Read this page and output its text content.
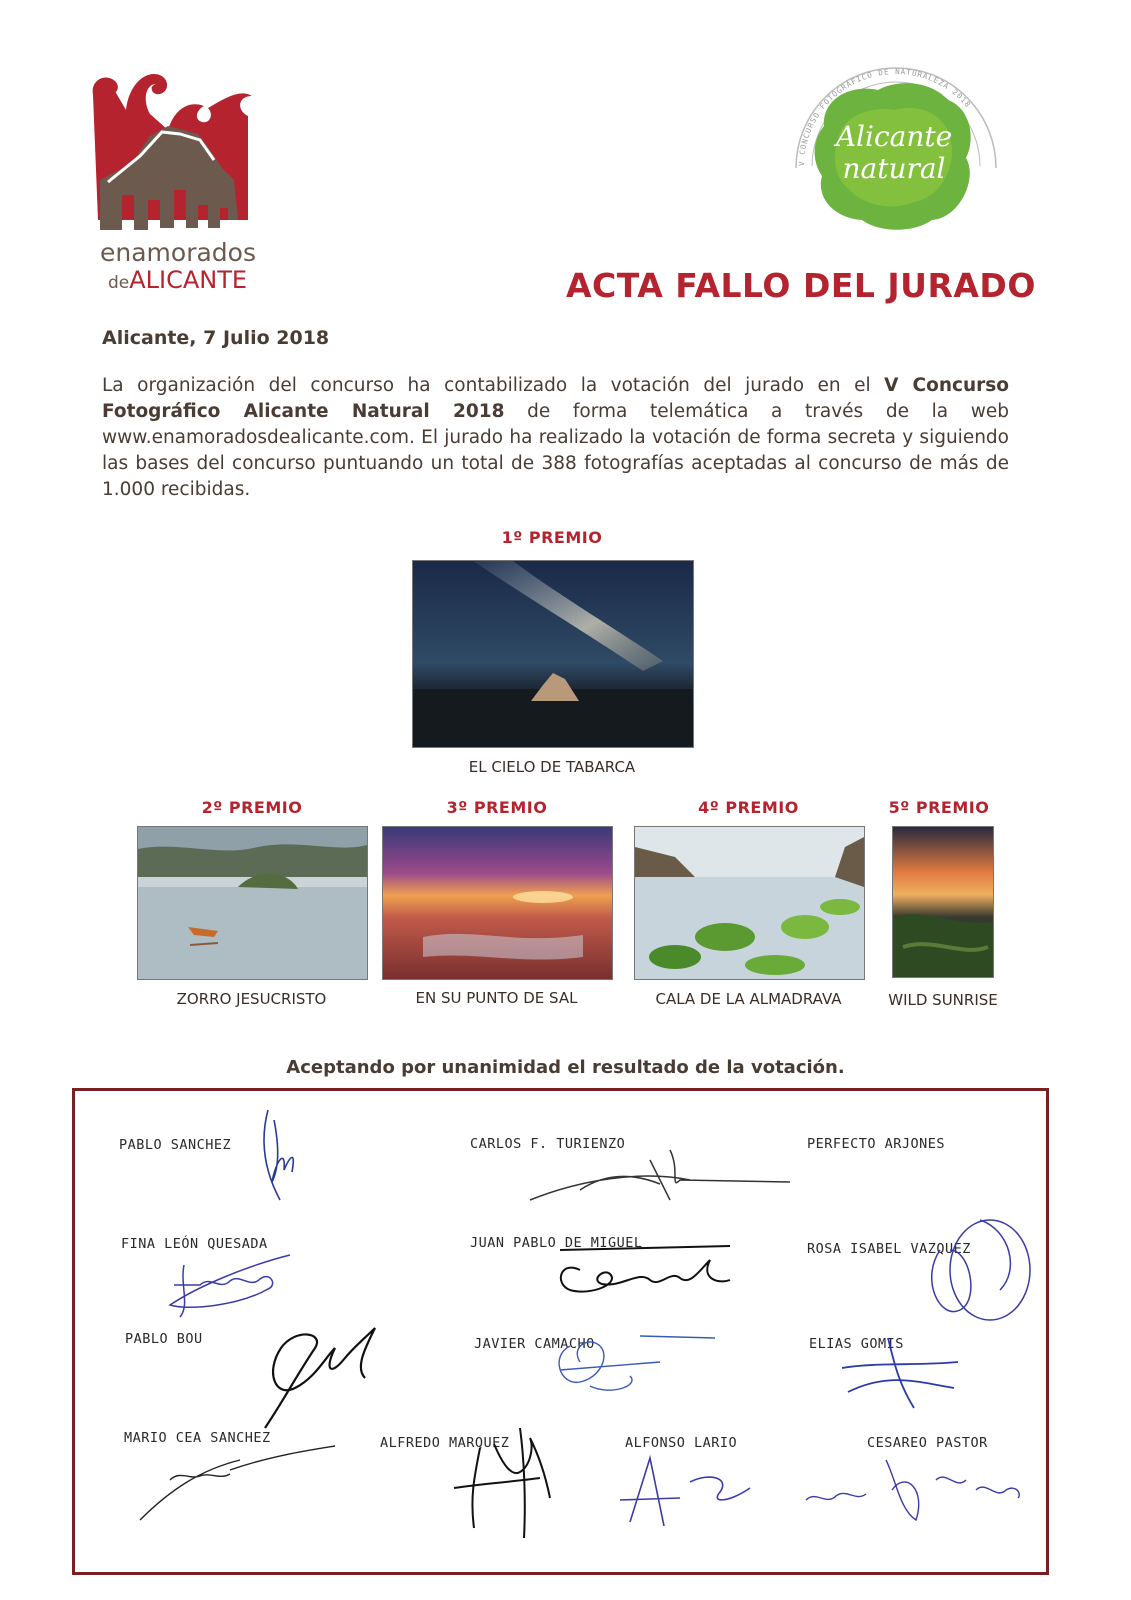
enamorados
deALICANTE
V CONCURSO FOTOGRÁFICO DE NATURALEZA 2018
Alicante
natural
ACTA FALLO DEL JURADO
Alicante, 7 Julio 2018
La organización del concurso ha contabilizado la votación del jurado en el V Concurso Fotográfico Alicante Natural 2018 de forma telemática a través de la web www.enamoradosdealicante.com. El jurado ha realizado la votación de forma secreta y siguiendo las bases del concurso puntuando un total de 388 fotografías aceptadas al concurso de más de 1.000 recibidas.
1º PREMIO
EL CIELO DE TABARCA
2º PREMIO
ZORRO JESUCRISTO
3º PREMIO
EN SU PUNTO DE SAL
4º PREMIO
CALA DE LA ALMADRAVA
5º PREMIO
WILD SUNRISE
Aceptando por unanimidad el resultado de la votación.
PABLO SANCHEZ	CARLOS F. TURIENZO	PERFECTO ARJONES
FINA LEÓN QUESADA	JUAN PABLO DE MIGUEL	ROSA ISABEL VAZQUEZ
PABLO BOU	JAVIER CAMACHO	ELIAS GOMIS
MARIO CEA SANCHEZ	ALFREDO MARQUEZ	ALFONSO LARIO	CESAREO PASTOR
